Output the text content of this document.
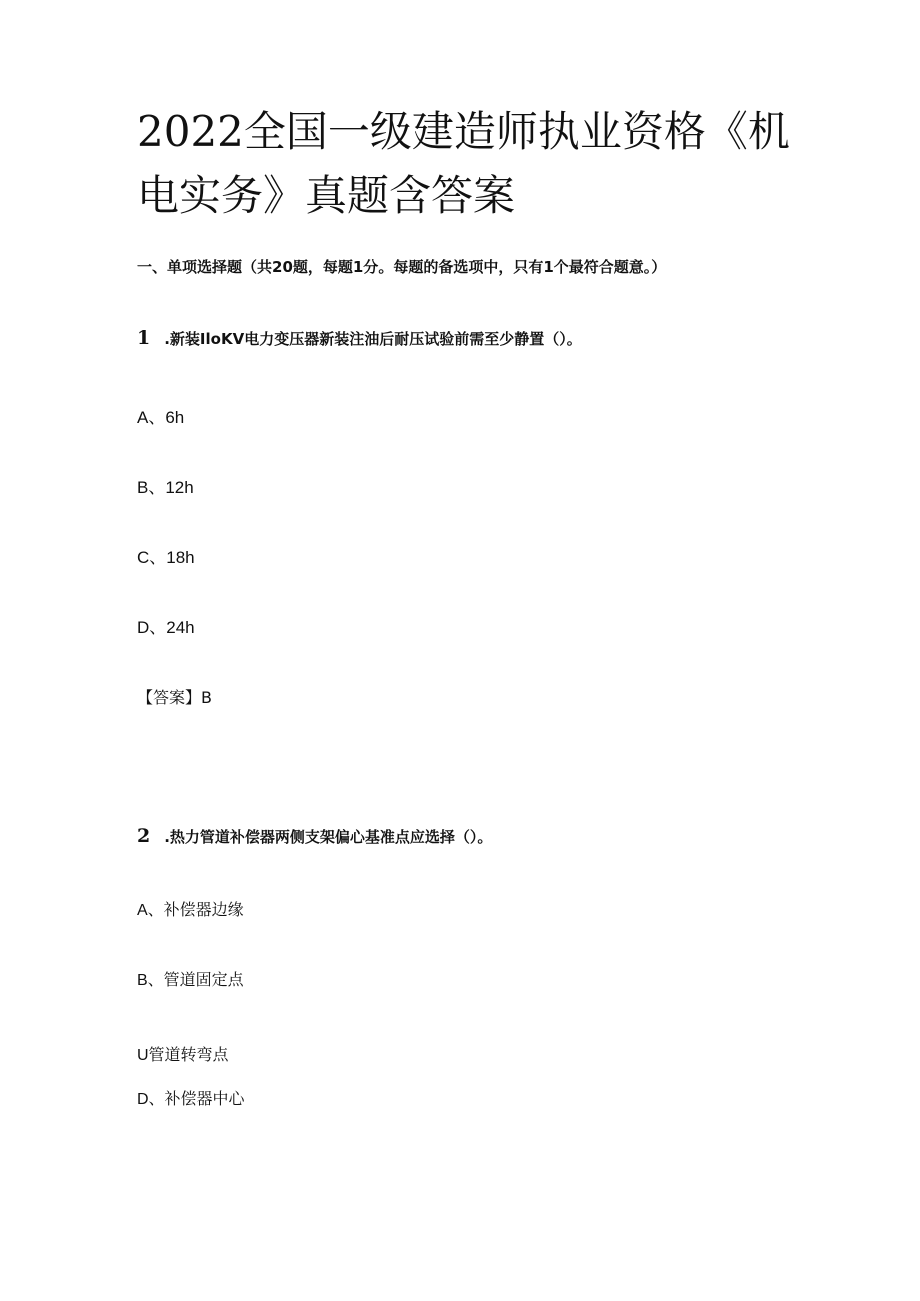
2022全国一级建造师执业资格《机
电实务》真题含答案
一、单项选择题（共20题，每题1分。每题的备选项中，只有1个最符合题意。）
1 .新装IloKV电力变压器新装注油后耐压试验前需至少静置（）。
A、6h
B、12h
C、18h
D、24h
【答案】B
2 .热力管道补偿器两侧支架偏心基准点应选择（）。
A、补偿器边缘
B、管道固定点
U管道转弯点
D、补偿器中心
